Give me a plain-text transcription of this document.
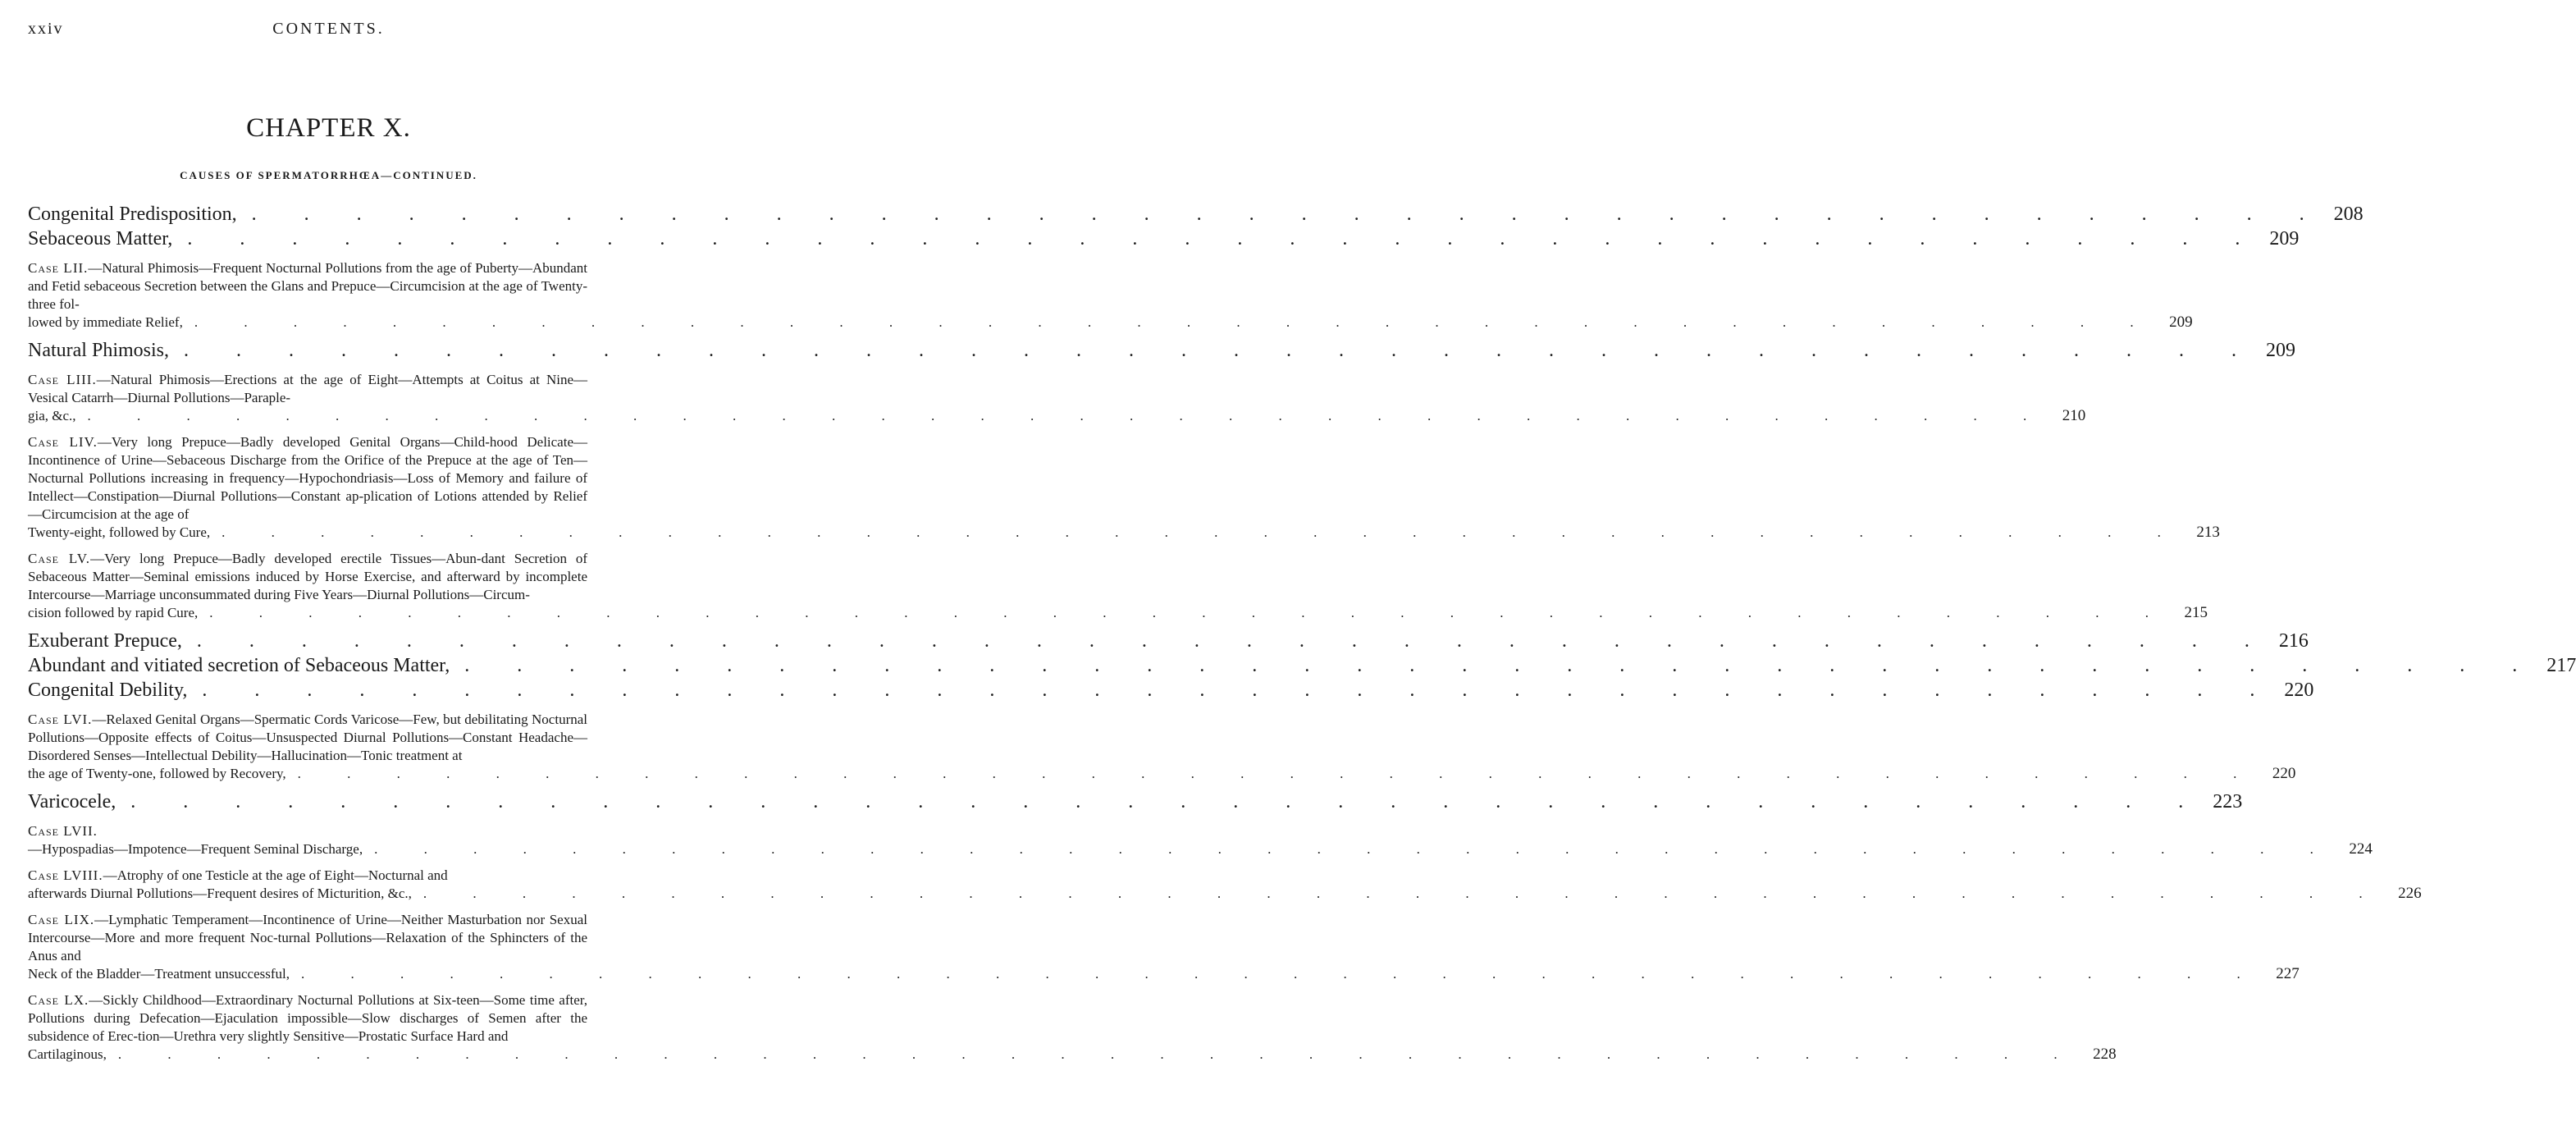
xxiv	CONTENTS.
CHAPTER X.
CAUSES OF SPERMATORRHŒA—CONTINUED.
Congenital Predisposition, . . . . . . . . . . . . . . . . . . . . . . . . . . . . . . . . . . . . . . . . 208
Sebaceous Matter, . . . . . . . . . . . . . . . . . . . . . . . . . . . . . . . . . . . . . . . . 209
Case LII.—Natural Phimosis—Frequent Nocturnal Pollutions from the age of Puberty—Abundant and Fetid sebaceous Secretion between the Glans and Prepuce—Circumcision at the age of Twenty-three fol-
lowed by immediate Relief, . . . . . . . . . . . . . . . . . . . . . . . . . . . . . . . . . . . . . . . . 209
Natural Phimosis, . . . . . . . . . . . . . . . . . . . . . . . . . . . . . . . . . . . . . . . . 209
Case LIII.—Natural Phimosis—Erections at the age of Eight—Attempts at Coitus at Nine—Vesical Catarrh—Diurnal Pollutions—Paraple-
gia, &c., . . . . . . . . . . . . . . . . . . . . . . . . . . . . . . . . . . . . . . . . 210
Case LIV.—Very long Prepuce—Badly developed Genital Organs—Child-hood Delicate—Incontinence of Urine—Sebaceous Discharge from the Orifice of the Prepuce at the age of Ten—Nocturnal Pollutions increasing in frequency—Hypochondriasis—Loss of Memory and failure of Intellect—Constipation—Diurnal Pollutions—Constant ap-plication of Lotions attended by Relief—Circumcision at the age of
Twenty-eight, followed by Cure, . . . . . . . . . . . . . . . . . . . . . . . . . . . . . . . . . . . . . . . . 213
Case LV.—Very long Prepuce—Badly developed erectile Tissues—Abun-dant Secretion of Sebaceous Matter—Seminal emissions induced by Horse Exercise, and afterward by incomplete Intercourse—Marriage unconsummated during Five Years—Diurnal Pollutions—Circum-
cision followed by rapid Cure, . . . . . . . . . . . . . . . . . . . . . . . . . . . . . . . . . . . . . . . . 215
Exuberant Prepuce, . . . . . . . . . . . . . . . . . . . . . . . . . . . . . . . . . . . . . . . . 216
Abundant and vitiated secretion of Sebaceous Matter, . . . . . . . . . . . . . . . . . . . . . . . . . . . . . . . . . . . . . . . . 217
Congenital Debility, . . . . . . . . . . . . . . . . . . . . . . . . . . . . . . . . . . . . . . . . 220
Case LVI.—Relaxed Genital Organs—Spermatic Cords Varicose—Few, but debilitating Nocturnal Pollutions—Opposite effects of Coitus—Unsuspected Diurnal Pollutions—Constant Headache—Disordered Senses—Intellectual Debility—Hallucination—Tonic treatment at
the age of Twenty-one, followed by Recovery, . . . . . . . . . . . . . . . . . . . . . . . . . . . . . . . . . . . . . . . . 220
Varicocele, . . . . . . . . . . . . . . . . . . . . . . . . . . . . . . . . . . . . . . . . 223
Case LVII.
—Hypospadias—Impotence—Frequent Seminal Discharge, . . . . . . . . . . . . . . . . . . . . . . . . . . . . . . . . . . . . . . . . 224
Case LVIII.—Atrophy of one Testicle at the age of Eight—Nocturnal and
afterwards Diurnal Pollutions—Frequent desires of Micturition, &c., . . . . . . . . . . . . . . . . . . . . . . . . . . . . . . . . . . . . . . . . 226
Case LIX.—Lymphatic Temperament—Incontinence of Urine—Neither Masturbation nor Sexual Intercourse—More and more frequent Noc-turnal Pollutions—Relaxation of the Sphincters of the Anus and
Neck of the Bladder—Treatment unsuccessful, . . . . . . . . . . . . . . . . . . . . . . . . . . . . . . . . . . . . . . . . 227
Case LX.—Sickly Childhood—Extraordinary Nocturnal Pollutions at Six-teen—Some time after, Pollutions during Defecation—Ejaculation impossible—Slow discharges of Semen after the subsidence of Erec-tion—Urethra very slightly Sensitive—Prostatic Surface Hard and
Cartilaginous, . . . . . . . . . . . . . . . . . . . . . . . . . . . . . . . . . . . . . . . . 228
